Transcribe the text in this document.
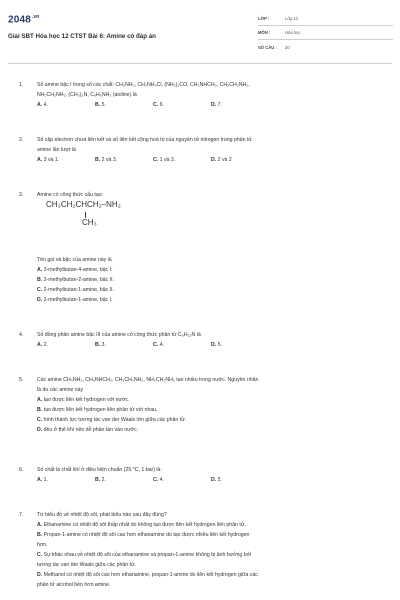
$2048^{.vn}$
Giải SBT Hóa học 12 CTST Bài 6: Amine có đáp án
LỚP :	Lớp 12
MÔN :	Hóa học
SỐ CÂU : 20
1.	Số amine bậc I trong số các chất: CH₃NH₂, CH₃NH₃Cl, (NH₂)₂CO, CH₃NHCH₃, CH₃CH₂NH₂,
NH₂CH₂NH₂, (CH₃)₃N, C₆H₅NH₂ (aniline) là
A. 4.	B. 5.	C. 6.	D. 7.
2.	Số cặp electron chưa liên kết và số liên kết cộng hoá trị của nguyên tử nitrogen trong phân tử
amine lần lượt là
A. 3 và 1.	B. 2 và 3.	C. 1 và 3.	D. 2 và 2
3.	Amine có công thức cấu tạo:
CH₃CH₂CHCH₂–NH₂
CH₃
Tên gọi và bậc của amine này là
A. 3-methylbutan-4-amine, bậc I.
B. 2-methylbutan-2-amine, bậc II.
C. 2-methylbutan-1-amine, bậc II.
D. 2-methylbutan-1-amine, bậc I.
4.	Số đồng phân amine bậc III của amine có công thức phân tử C₅H₁₃N là
A. 2.	B. 3.	C. 4.	D. 5.
5.	Các amine CH₃NH₂, CH₃NHCH₃, CH₃CH₂NH₂, NH₂CH₂NH₂ tan nhiều trong nước. Nguyên nhân
là do các amine này
A. tạo được liên kết hydrogen với nước.
B. tạo được liên kết hydrogen liên phân tử với nhau.
C. hình thành lực tương tác van der Waals lớn giữa các phân tử.
D. đều ở thể khí nên dễ phân tán vào nước.
6.	Số chất là chất khí ở điều kiện chuẩn (25 °C, 1 bar) là:
A. 1.	B. 2.	C. 4.	D. 5.
7.	Từ biểu đồ về nhiệt độ sôi, phát biểu nào sau đây đúng?
A. Ethanamine có nhiệt độ sôi thấp nhất do không tạo được liên kết hydrogen liên phân tử.
B. Propan-1-amine có nhiệt độ sôi cao hơn ethanamine do tạo được nhiều liên kết hydrogen
hơn.
C. Sự khác nhau về nhiệt độ sôi của ethanamine và propan-1-amine không bị ảnh hưởng bởi
tương tác van der Waals giữa các phân tử.
D. Methanol có nhiệt độ sôi cao hơn ethanamine, propan-1-amine do liên kết hydrogen giữa các
phân tử alcohol bền hơn amine.
